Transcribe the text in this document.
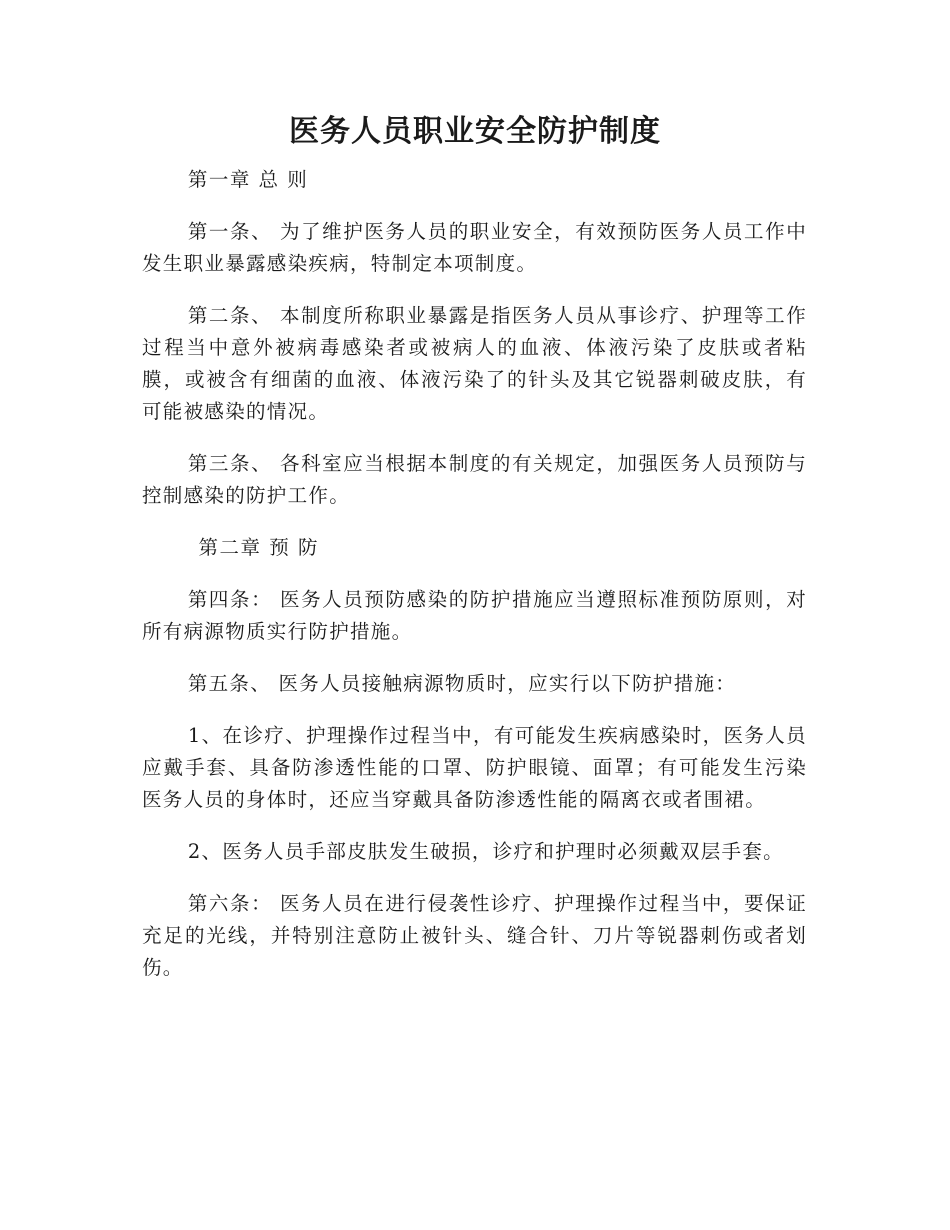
医务人员职业安全防护制度

第一章 总 则

第一条、 为了维护医务人员的职业安全，有效预防医务人员工作中发生职业暴露感染疾病，特制定本项制度。

第二条、 本制度所称职业暴露是指医务人员从事诊疗、护理等工作过程当中意外被病毒感染者或被病人的血液、体液污染了皮肤或者粘膜，或被含有细菌的血液、体液污染了的针头及其它锐器刺破皮肤，有可能被感染的情况。

第三条、 各科室应当根据本制度的有关规定，加强医务人员预防与控制感染的防护工作。

第二章 预 防

第四条： 医务人员预防感染的防护措施应当遵照标准预防原则，对所有病源物质实行防护措施。

第五条、 医务人员接触病源物质时，应实行以下防护措施：

1、在诊疗、护理操作过程当中，有可能发生疾病感染时，医务人员应戴手套、具备防渗透性能的口罩、防护眼镜、面罩；有可能发生污染医务人员的身体时，还应当穿戴具备防渗透性能的隔离衣或者围裙。

2、医务人员手部皮肤发生破损，诊疗和护理时必须戴双层手套。

第六条： 医务人员在进行侵袭性诊疗、护理操作过程当中，要保证充足的光线，并特别注意防止被针头、缝合针、刀片等锐器刺伤或者划伤。
